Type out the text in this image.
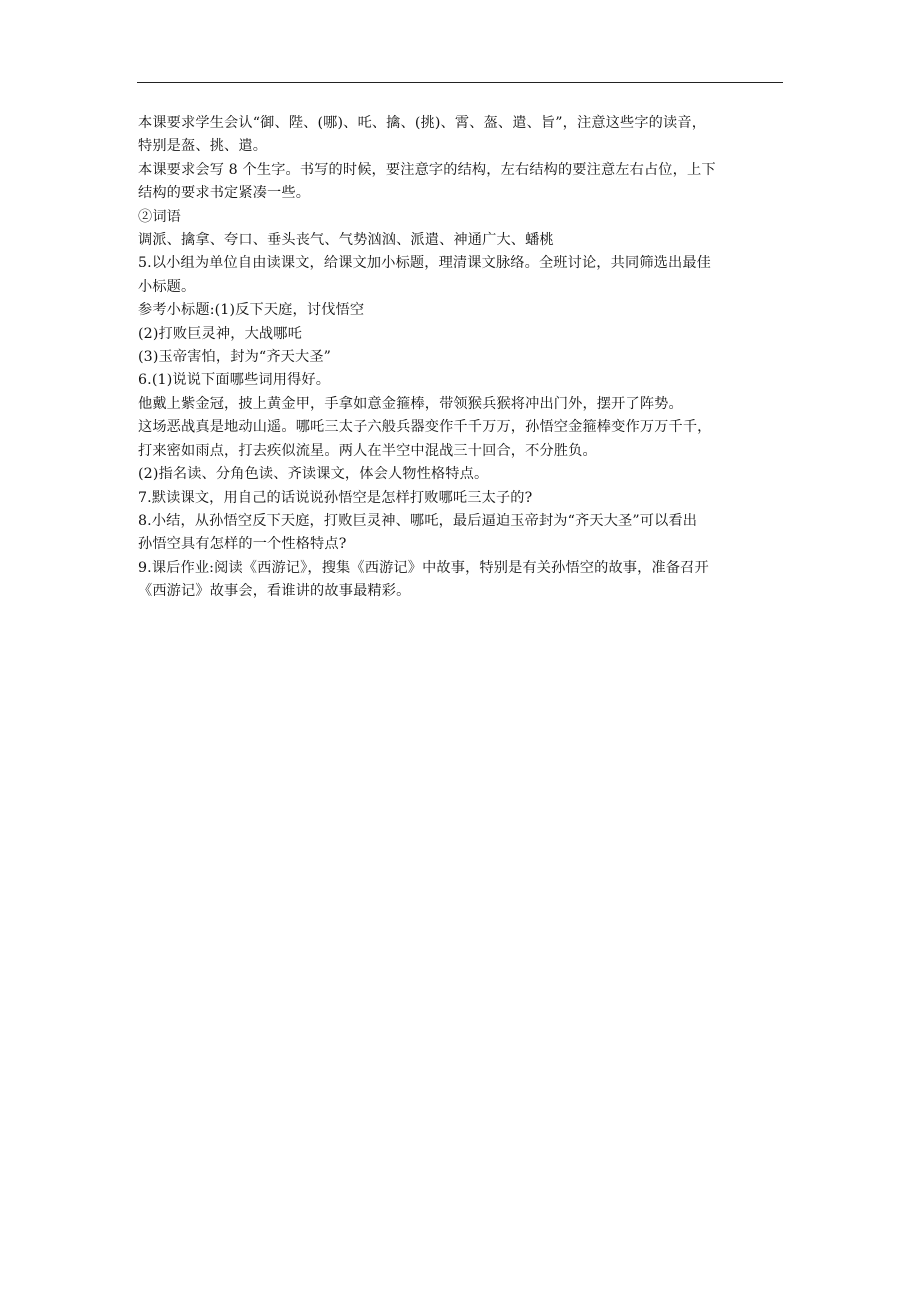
本课要求学生会认“御、陛、(哪)、吒、擒、(挑)、霄、盔、遣、旨”，注意这些字的读音，

特别是盔、挑、遣。

本课要求会写 8 个生字。书写的时候，要注意字的结构，左右结构的要注意左右占位，上下

结构的要求书定紧凑一些。

②词语

调派、擒拿、夸口、垂头丧气、气势汹汹、派遣、神通广大、蟠桃

5.以小组为单位自由读课文，给课文加小标题，理清课文脉络。全班讨论，共同筛选出最佳

小标题。

参考小标题:(1)反下天庭，讨伐悟空

(2)打败巨灵神，大战哪吒

(3)玉帝害怕，封为“齐天大圣”

6.(1)说说下面哪些词用得好。

他戴上紫金冠，披上黄金甲，手拿如意金箍棒，带领猴兵猴将冲出门外，摆开了阵势。

这场恶战真是地动山遥。哪吒三太子六般兵器变作千千万万，孙悟空金箍棒变作万万千千，

打来密如雨点，打去疾似流星。两人在半空中混战三十回合，不分胜负。

(2)指名读、分角色读、齐读课文，体会人物性格特点。

7.默读课文，用自己的话说说孙悟空是怎样打败哪吒三太子的?

8.小结，从孙悟空反下天庭，打败巨灵神、哪吒，最后逼迫玉帝封为“齐天大圣”可以看出

孙悟空具有怎样的一个性格特点?

9.课后作业:阅读《西游记》，搜集《西游记》中故事，特别是有关孙悟空的故事，准备召开

《西游记》故事会，看谁讲的故事最精彩。
